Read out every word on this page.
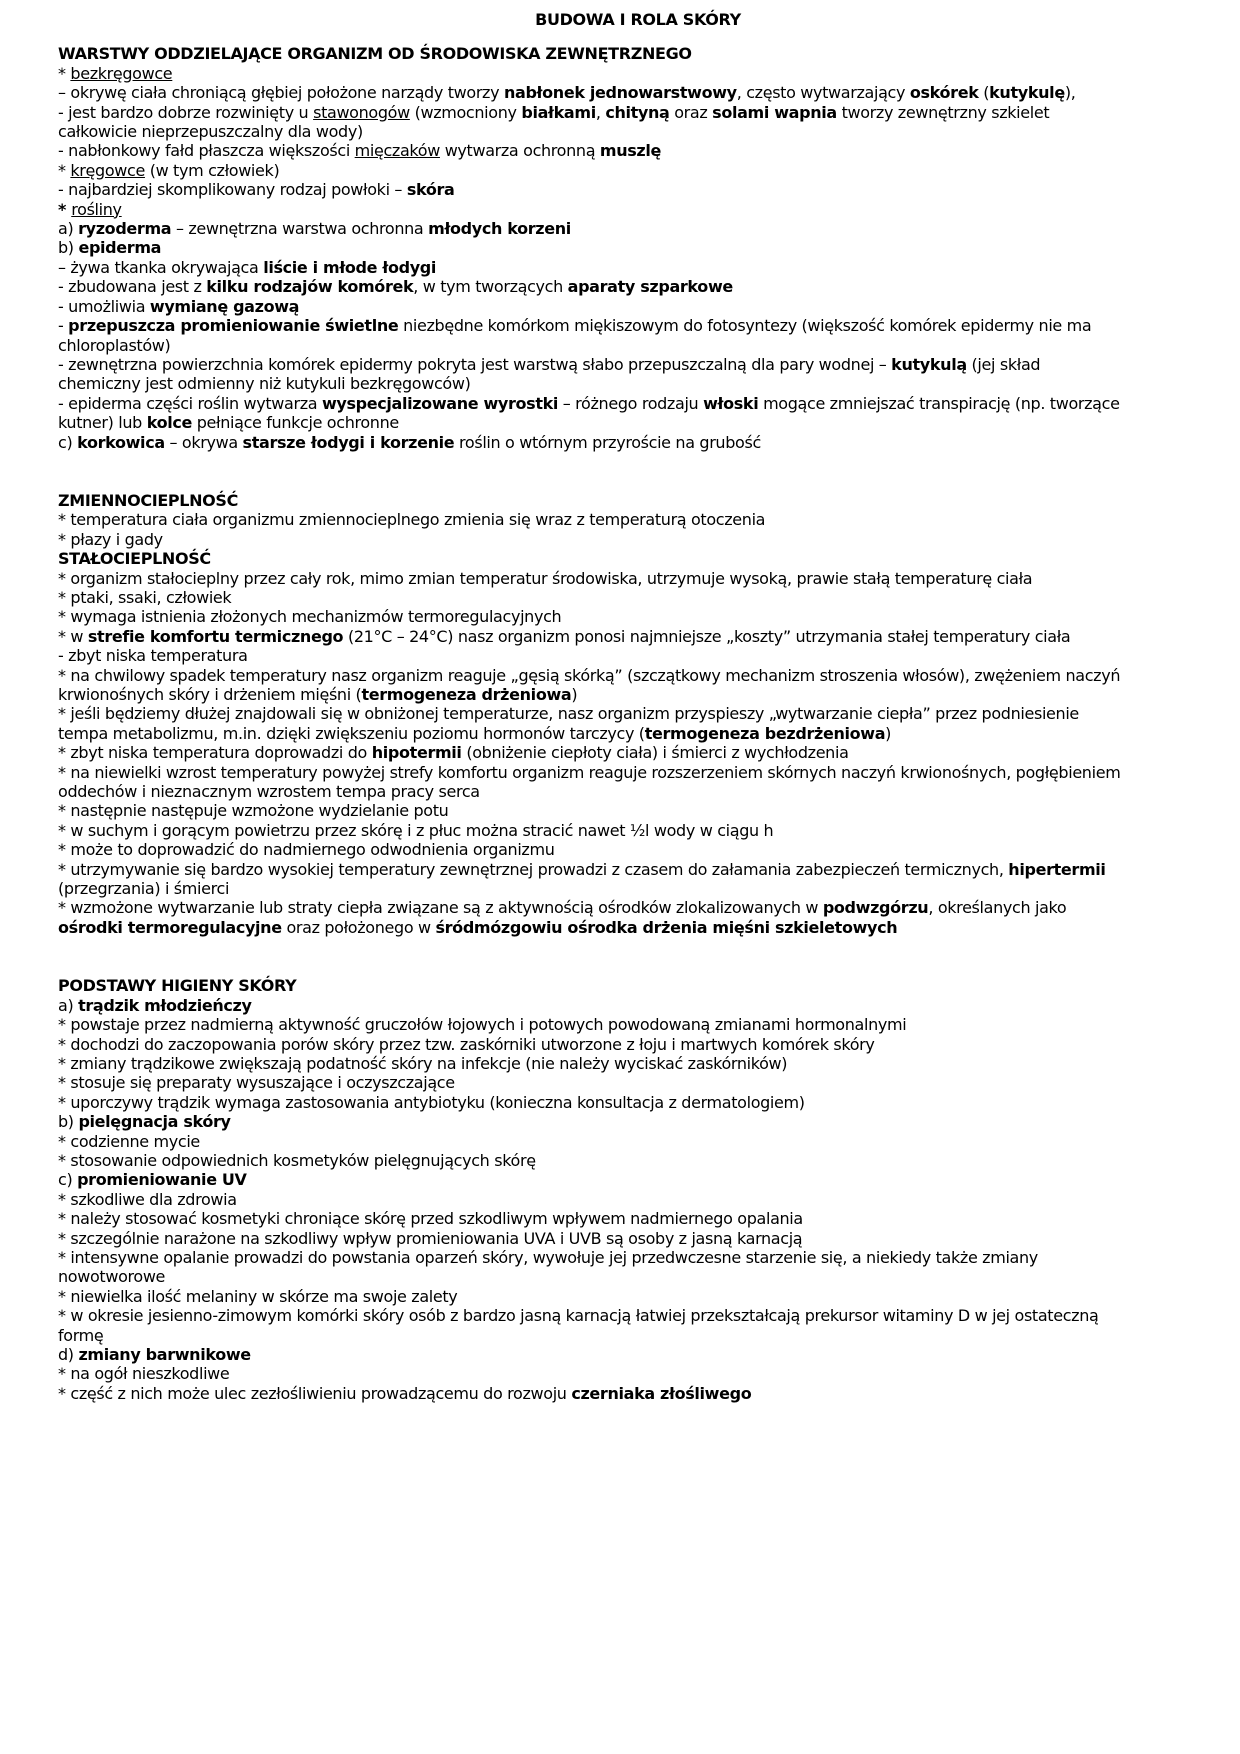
BUDOWA I ROLA SKÓRY
WARSTWY ODDZIELAJĄCE ORGANIZM OD ŚRODOWISKA ZEWNĘTRZNEGO
* bezkręgowce
– okrywę ciała chroniącą głębiej położone narządy tworzy nabłonek jednowarstwowy, często wytwarzający oskórek (kutykulę),
- jest bardzo dobrze rozwinięty u stawonogów (wzmocniony białkami, chityną oraz solami wapnia tworzy zewnętrzny szkielet
całkowicie nieprzepuszczalny dla wody)
- nabłonkowy fałd płaszcza większości mięczaków wytwarza ochronną muszlę
* kręgowce (w tym człowiek)
- najbardziej skomplikowany rodzaj powłoki – skóra
* rośliny
a) ryzoderma – zewnętrzna warstwa ochronna młodych korzeni
b) epiderma
– żywa tkanka okrywająca liście i młode łodygi
- zbudowana jest z kilku rodzajów komórek, w tym tworzących aparaty szparkowe
- umożliwia wymianę gazową
- przepuszcza promieniowanie świetlne niezbędne komórkom miękiszowym do fotosyntezy (większość komórek epidermy nie ma
chloroplastów)
- zewnętrzna powierzchnia komórek epidermy pokryta jest warstwą słabo przepuszczalną dla pary wodnej – kutykulą (jej skład
chemiczny jest odmienny niż kutykuli bezkręgowców)
- epiderma części roślin wytwarza wyspecjalizowane wyrostki – różnego rodzaju włoski mogące zmniejszać transpirację (np. tworzące
kutner) lub kolce pełniące funkcje ochronne
c) korkowica – okrywa starsze łodygi i korzenie roślin o wtórnym przyroście na grubość
ZMIENNOCIEPLNOŚĆ
* temperatura ciała organizmu zmiennocieplnego zmienia się wraz z temperaturą otoczenia
* płazy i gady
STAŁOCIEPLNOŚĆ
* organizm stałocieplny przez cały rok, mimo zmian temperatur środowiska, utrzymuje wysoką, prawie stałą temperaturę ciała
* ptaki, ssaki, człowiek
* wymaga istnienia złożonych mechanizmów termoregulacyjnych
* w strefie komfortu termicznego (21°C – 24°C) nasz organizm ponosi najmniejsze „koszty” utrzymania stałej temperatury ciała
- zbyt niska temperatura
* na chwilowy spadek temperatury nasz organizm reaguje „gęsią skórką” (szczątkowy mechanizm stroszenia włosów), zwężeniem naczyń
krwionośnych skóry i drżeniem mięśni (termogeneza drżeniowa)
* jeśli będziemy dłużej znajdowali się w obniżonej temperaturze, nasz organizm przyspieszy „wytwarzanie ciepła” przez podniesienie
tempa metabolizmu, m.in. dzięki zwiększeniu poziomu hormonów tarczycy (termogeneza bezdrżeniowa)
* zbyt niska temperatura doprowadzi do hipotermii (obniżenie ciepłoty ciała) i śmierci z wychłodzenia
* na niewielki wzrost temperatury powyżej strefy komfortu organizm reaguje rozszerzeniem skórnych naczyń krwionośnych, pogłębieniem
oddechów i nieznacznym wzrostem tempa pracy serca
* następnie następuje wzmożone wydzielanie potu
* w suchym i gorącym powietrzu przez skórę i z płuc można stracić nawet ½l wody w ciągu h
* może to doprowadzić do nadmiernego odwodnienia organizmu
* utrzymywanie się bardzo wysokiej temperatury zewnętrznej prowadzi z czasem do załamania zabezpieczeń termicznych, hipertermii
(przegrzania) i śmierci
* wzmożone wytwarzanie lub straty ciepła związane są z aktywnością ośrodków zlokalizowanych w podwzgórzu, określanych jako
ośrodki termoregulacyjne oraz położonego w śródmózgowiu ośrodka drżenia mięśni szkieletowych
PODSTAWY HIGIENY SKÓRY
a) trądzik młodzieńczy
* powstaje przez nadmierną aktywność gruczołów łojowych i potowych powodowaną zmianami hormonalnymi
* dochodzi do zaczopowania porów skóry przez tzw. zaskórniki utworzone z łoju i martwych komórek skóry
* zmiany trądzikowe zwiększają podatność skóry na infekcje (nie należy wyciskać zaskórników)
* stosuje się preparaty wysuszające i oczyszczające
* uporczywy trądzik wymaga zastosowania antybiotyku (konieczna konsultacja z dermatologiem)
b) pielęgnacja skóry
* codzienne mycie
* stosowanie odpowiednich kosmetyków pielęgnujących skórę
c) promieniowanie UV
* szkodliwe dla zdrowia
* należy stosować kosmetyki chroniące skórę przed szkodliwym wpływem nadmiernego opalania
* szczególnie narażone na szkodliwy wpływ promieniowania UVA i UVB są osoby z jasną karnacją
* intensywne opalanie prowadzi do powstania oparzeń skóry, wywołuje jej przedwczesne starzenie się, a niekiedy także zmiany
nowotworowe
* niewielka ilość melaniny w skórze ma swoje zalety
* w okresie jesienno-zimowym komórki skóry osób z bardzo jasną karnacją łatwiej przekształcają prekursor witaminy D w jej ostateczną
formę
d) zmiany barwnikowe
* na ogół nieszkodliwe
* część z nich może ulec zezłośliwieniu prowadzącemu do rozwoju czerniaka złośliwego
